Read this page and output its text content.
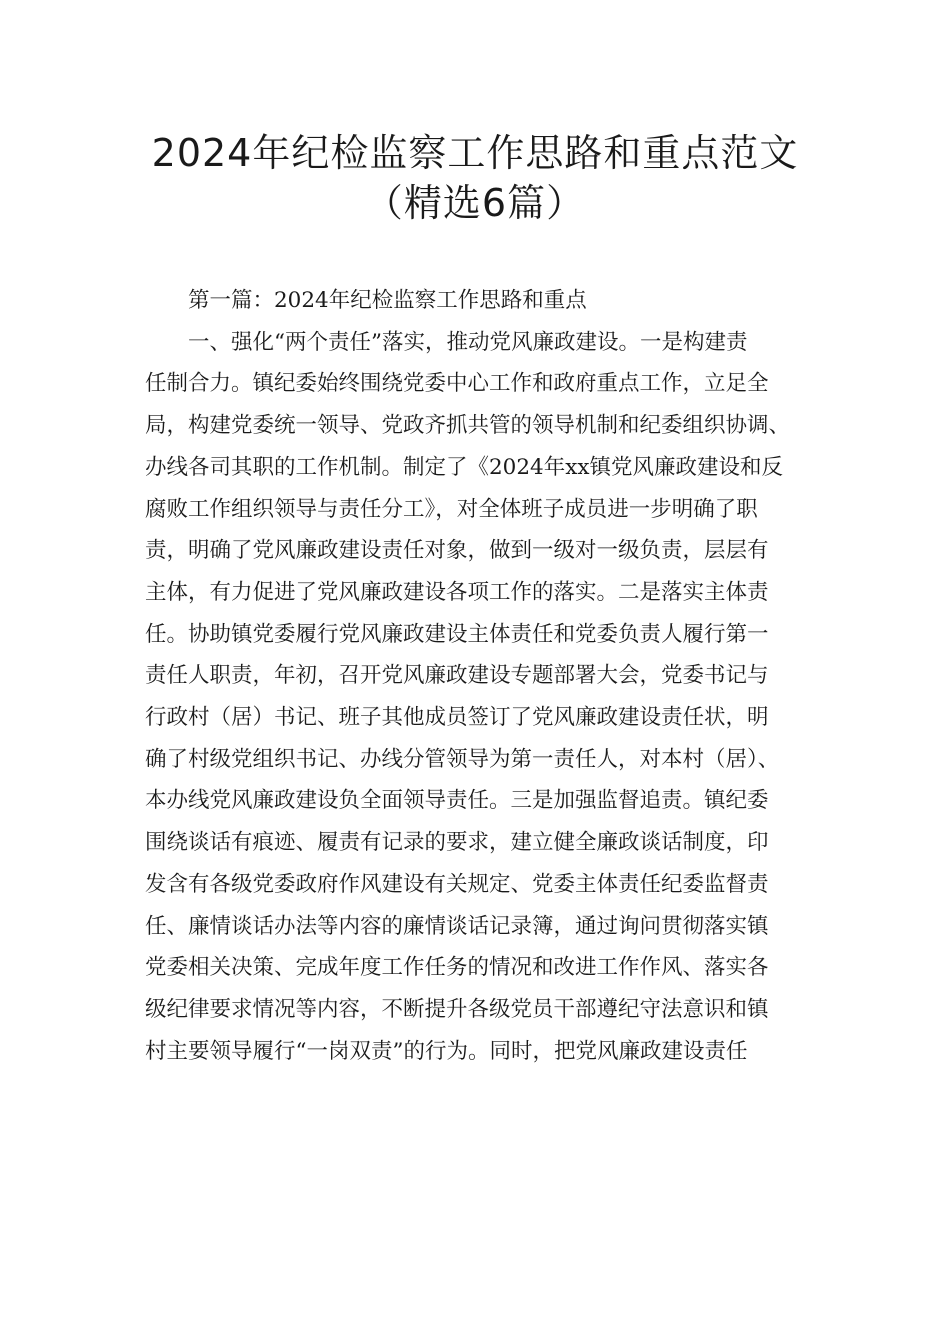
2024年纪检监察工作思路和重点范文
（精选6篇）

第一篇：2024年纪检监察工作思路和重点

一、强化“两个责任”落实，推动党风廉政建设。一是构建责
任制合力。镇纪委始终围绕党委中心工作和政府重点工作，立足全
局，构建党委统一领导、党政齐抓共管的领导机制和纪委组织协调、
办线各司其职的工作机制。制定了《2024年xx镇党风廉政建设和反
腐败工作组织领导与责任分工》，对全体班子成员进一步明确了职
责，明确了党风廉政建设责任对象，做到一级对一级负责，层层有
主体，有力促进了党风廉政建设各项工作的落实。二是落实主体责
任。协助镇党委履行党风廉政建设主体责任和党委负责人履行第一
责任人职责，年初，召开党风廉政建设专题部署大会，党委书记与
行政村（居）书记、班子其他成员签订了党风廉政建设责任状，明
确了村级党组织书记、办线分管领导为第一责任人，对本村（居）、
本办线党风廉政建设负全面领导责任。三是加强监督追责。镇纪委
围绕谈话有痕迹、履责有记录的要求，建立健全廉政谈话制度，印
发含有各级党委政府作风建设有关规定、党委主体责任纪委监督责
任、廉情谈话办法等内容的廉情谈话记录簿，通过询问贯彻落实镇
党委相关决策、完成年度工作任务的情况和改进工作作风、落实各
级纪律要求情况等内容，不断提升各级党员干部遵纪守法意识和镇
村主要领导履行“一岗双责”的行为。同时，把党风廉政建设责任
